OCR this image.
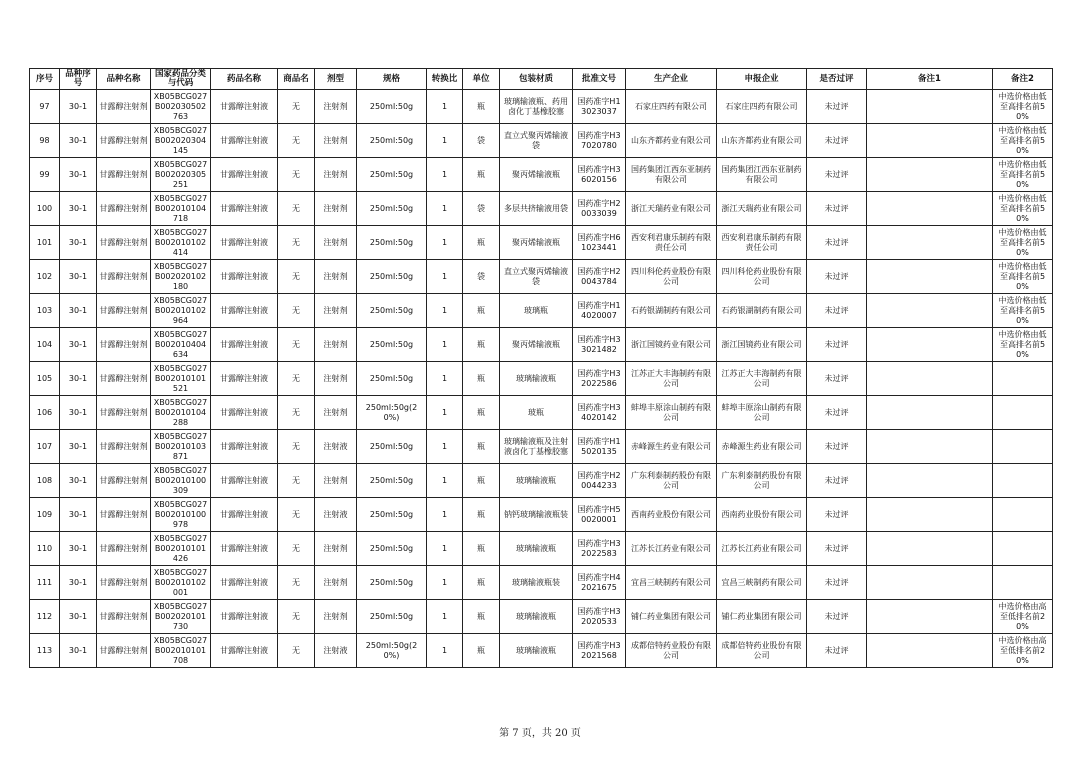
序号	品种序号	品种名称	国家药品分类与代码	药品名称	商品名	剂型	规格	转换比	单位	包装材质	批准文号	生产企业	申报企业	是否过评	备注1	备注2
97	30-1	甘露醇注射剂	XB05BCG027B002030502763	甘露醇注射液	无	注射剂	250ml:50g	1	瓶	玻璃输液瓶、药用卤化丁基橡胶塞	国药准字H13023037	石家庄四药有限公司	石家庄四药有限公司	未过评		中选价格由低至高排名前50%
98	30-1	甘露醇注射剂	XB05BCG027B002020304145	甘露醇注射液	无	注射剂	250ml:50g	1	袋	直立式聚丙烯输液袋	国药准字H37020780	山东齐都药业有限公司	山东齐都药业有限公司	未过评		中选价格由低至高排名前50%
99	30-1	甘露醇注射剂	XB05BCG027B002020305251	甘露醇注射液	无	注射剂	250ml:50g	1	瓶	聚丙烯输液瓶	国药准字H36020156	国药集团江西东亚制药有限公司	国药集团江西东亚制药有限公司	未过评		中选价格由低至高排名前50%
100	30-1	甘露醇注射剂	XB05BCG027B002010104718	甘露醇注射液	无	注射剂	250ml:50g	1	袋	多层共挤输液用袋	国药准字H20033039	浙江天瑞药业有限公司	浙江天瑞药业有限公司	未过评		中选价格由低至高排名前50%
101	30-1	甘露醇注射剂	XB05BCG027B002010102414	甘露醇注射液	无	注射剂	250ml:50g	1	瓶	聚丙烯输液瓶	国药准字H61023441	西安利君康乐制药有限责任公司	西安利君康乐制药有限责任公司	未过评		中选价格由低至高排名前50%
102	30-1	甘露醇注射剂	XB05BCG027B002020102180	甘露醇注射液	无	注射剂	250ml:50g	1	袋	直立式聚丙烯输液袋	国药准字H20043784	四川科伦药业股份有限公司	四川科伦药业股份有限公司	未过评		中选价格由低至高排名前50%
103	30-1	甘露醇注射剂	XB05BCG027B002010102964	甘露醇注射液	无	注射剂	250ml:50g	1	瓶	玻璃瓶	国药准字H14020007	石药银湖制药有限公司	石药银湖制药有限公司	未过评		中选价格由低至高排名前50%
104	30-1	甘露醇注射剂	XB05BCG027B002010404634	甘露醇注射液	无	注射剂	250ml:50g	1	瓶	聚丙烯输液瓶	国药准字H33021482	浙江国镜药业有限公司	浙江国镜药业有限公司	未过评		中选价格由低至高排名前50%
105	30-1	甘露醇注射剂	XB05BCG027B002010101521	甘露醇注射液	无	注射剂	250ml:50g	1	瓶	玻璃输液瓶	国药准字H32022586	江苏正大丰海制药有限公司	江苏正大丰海制药有限公司	未过评		
106	30-1	甘露醇注射剂	XB05BCG027B002010104288	甘露醇注射液	无	注射剂	250ml:50g(20%)	1	瓶	玻瓶	国药准字H34020142	蚌埠丰原涂山制药有限公司	蚌埠丰原涂山制药有限公司	未过评		
107	30-1	甘露醇注射剂	XB05BCG027B002010103871	甘露醇注射液	无	注射液	250ml:50g	1	瓶	玻璃输液瓶及注射液卤化丁基橡胶塞	国药准字H15020135	赤峰源生药业有限公司	赤峰源生药业有限公司	未过评		
108	30-1	甘露醇注射剂	XB05BCG027B002010100309	甘露醇注射液	无	注射剂	250ml:50g	1	瓶	玻璃输液瓶	国药准字H20044233	广东利泰制药股份有限公司	广东利泰制药股份有限公司	未过评		
109	30-1	甘露醇注射剂	XB05BCG027B002010100978	甘露醇注射液	无	注射液	250ml:50g	1	瓶	钠钙玻璃输液瓶装	国药准字H50020001	西南药业股份有限公司	西南药业股份有限公司	未过评		
110	30-1	甘露醇注射剂	XB05BCG027B002010101426	甘露醇注射液	无	注射剂	250ml:50g	1	瓶	玻璃输液瓶	国药准字H32022583	江苏长江药业有限公司	江苏长江药业有限公司	未过评		
111	30-1	甘露醇注射剂	XB05BCG027B002010102001	甘露醇注射液	无	注射剂	250ml:50g	1	瓶	玻璃输液瓶装	国药准字H42021675	宜昌三峡制药有限公司	宜昌三峡制药有限公司	未过评		
112	30-1	甘露醇注射剂	XB05BCG027B002020101730	甘露醇注射液	无	注射剂	250ml:50g	1	瓶	玻璃输液瓶	国药准字H32020533	铺仁药业集团有限公司	铺仁药业集团有限公司	未过评		中选价格由高至低排名前20%
113	30-1	甘露醇注射剂	XB05BCG027B002010101708	甘露醇注射液	无	注射液	250ml:50g(20%)	1	瓶	玻璃输液瓶	国药准字H32021568	成都倍特药业股份有限公司	成都倍特药业股份有限公司	未过评		中选价格由高至低排名前20%
第 7 页，共 20 页
